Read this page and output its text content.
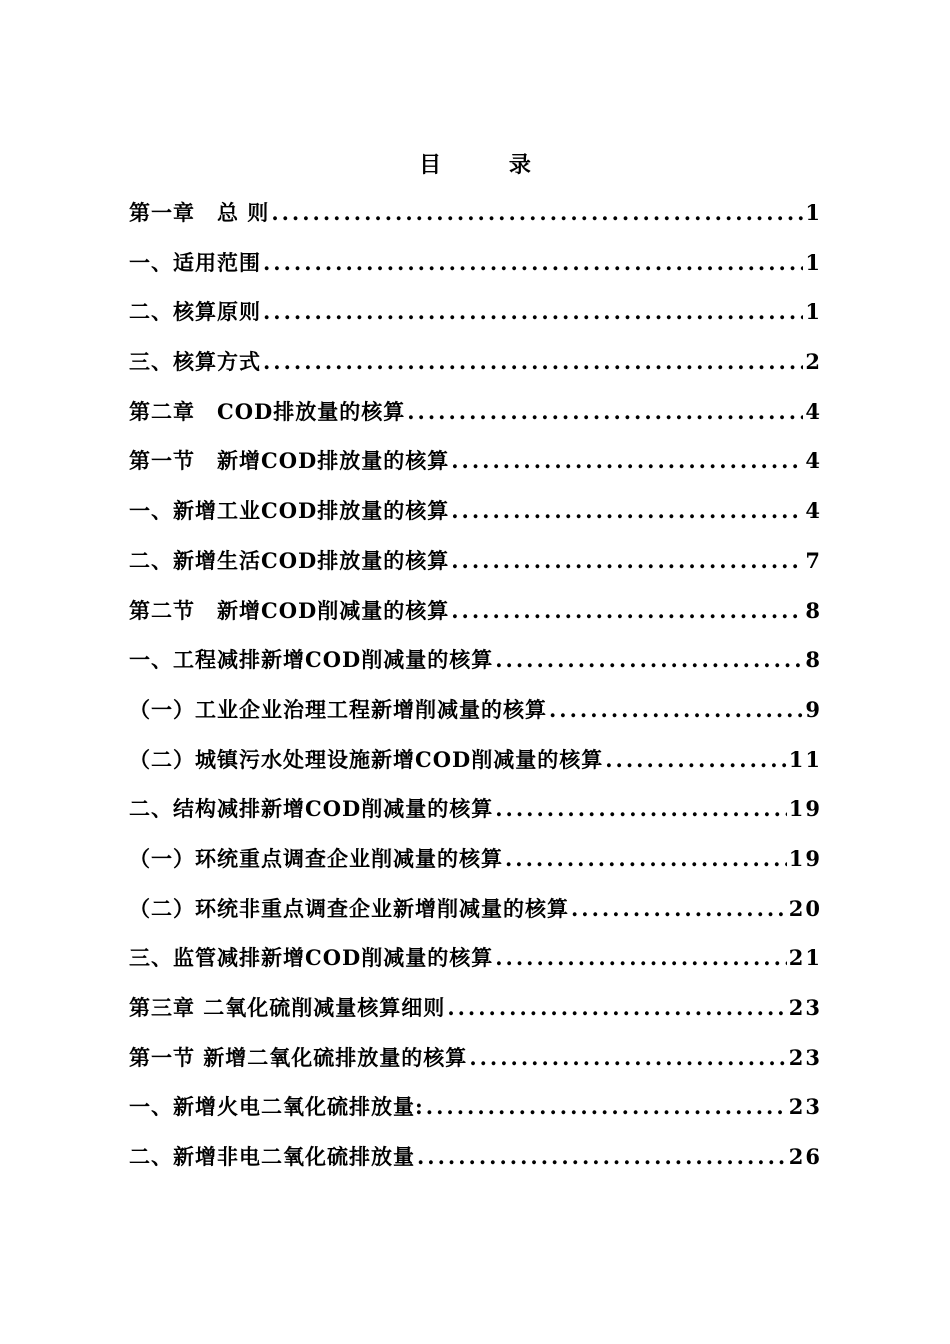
目 录
第一章　总 则 .....	1
一、适用范围 .....	1
二、核算原则 .....	1
三、核算方式 .....	2
第二章　COD排放量的核算 .....	4
第一节　新增COD排放量的核算 .....	4
一、新增工业COD排放量的核算 .....	4
二、新增生活COD排放量的核算 .....	7
第二节　新增COD削减量的核算 .....	8
一、工程减排新增COD削减量的核算 .....	8
（一）工业企业治理工程新增削减量的核算 .....	9
（二）城镇污水处理设施新增COD削减量的核算 .....	11
二、结构减排新增COD削减量的核算 .....	19
（一）环统重点调查企业削减量的核算 .....	19
（二）环统非重点调查企业新增削减量的核算 .....	20
三、监管减排新增COD削减量的核算 .....	21
第三章 二氧化硫削减量核算细则 .....	23
第一节 新增二氧化硫排放量的核算 .....	23
一、新增火电二氧化硫排放量: .....	23
二、新增非电二氧化硫排放量 .....	26
